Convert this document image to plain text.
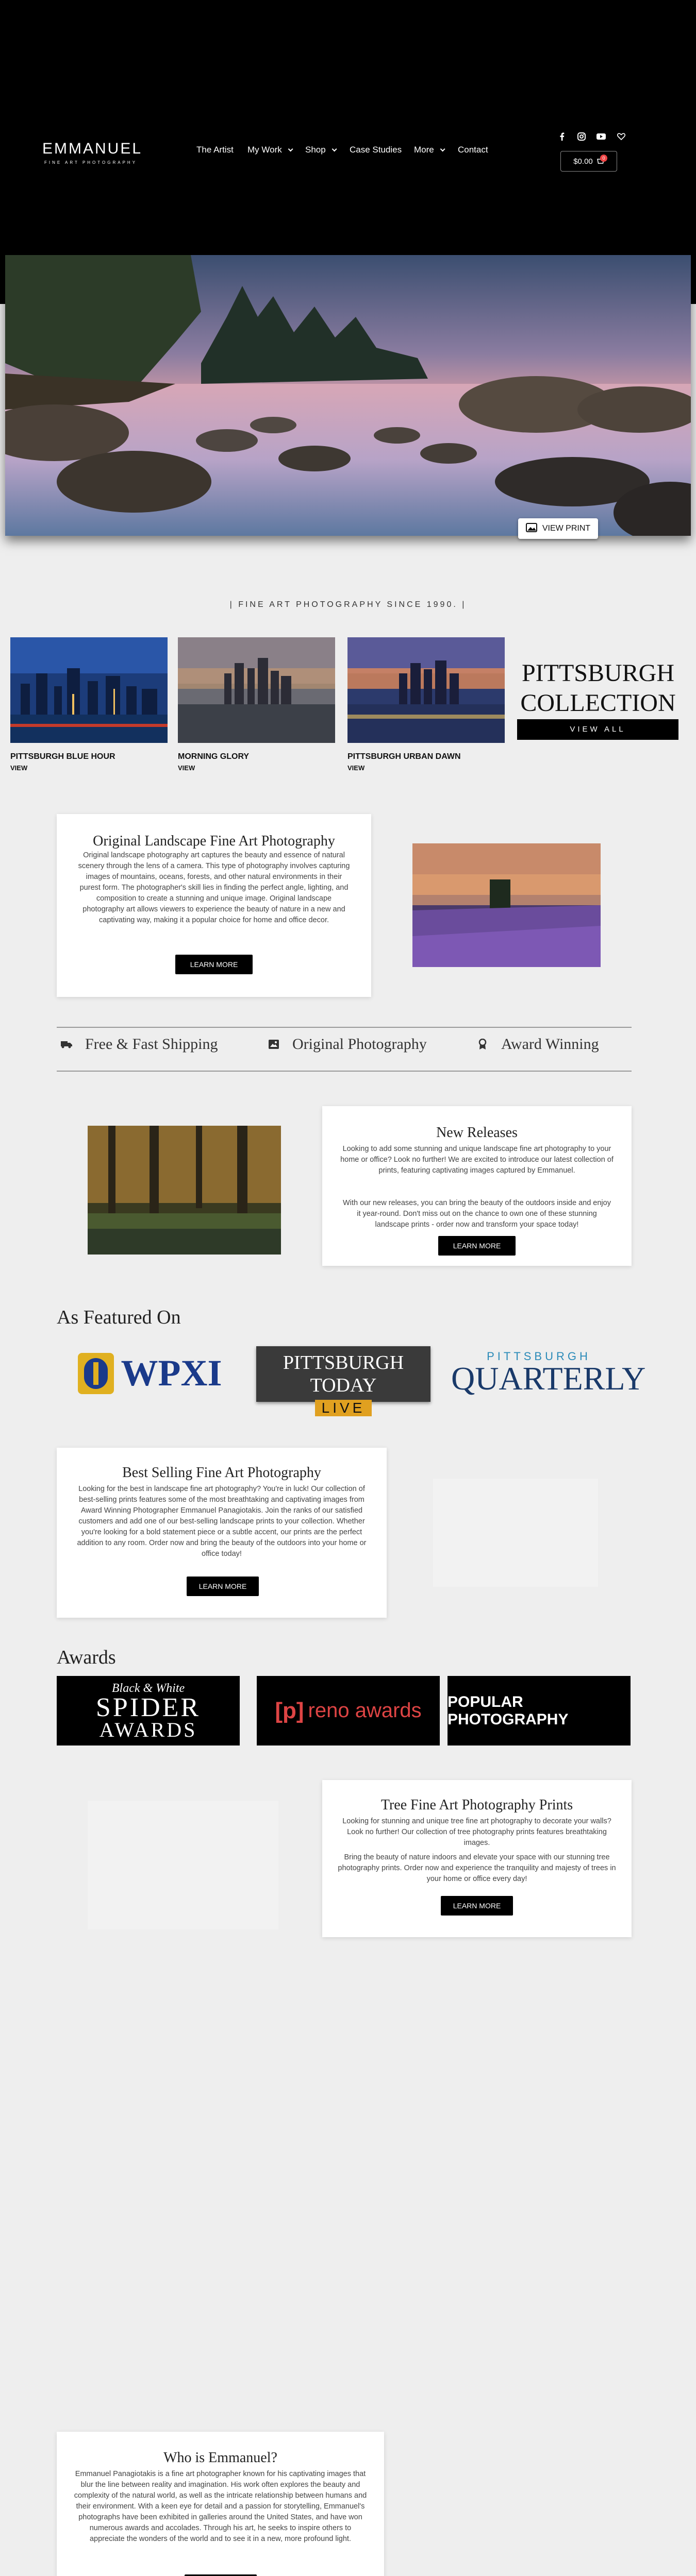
EMMANUEL
FINE ART PHOTOGRAPHY
The Artist My Work	Shop	Case Studies More	Contact
$0.00	0
VIEW PRINT
| FINE ART PHOTOGRAPHY SINCE 1990. |
PITTSBURGH BLUE HOUR
VIEW
MORNING GLORY
VIEW
PITTSBURGH URBAN DAWN
VIEW
PITTSBURGH COLLECTION
VIEW ALL
Original Landscape Fine Art Photography
Original landscape photography art captures the beauty and essence of natural scenery through the lens of a camera. This type of photography involves capturing images of mountains, oceans, forests, and other natural environments in their purest form. The photographer's skill lies in finding the perfect angle, lighting, and composition to create a stunning and unique image. Original landscape photography art allows viewers to experience the beauty of nature in a new and captivating way, making it a popular choice for home and office decor.
LEARN MORE
Free & Fast Shipping	Original Photography	Award Winning
New Releases
Looking to add some stunning and unique landscape fine art photography to your home or office? Look no further! We are excited to introduce our latest collection of prints, featuring captivating images captured by Emmanuel.
With our new releases, you can bring the beauty of the outdoors inside and enjoy it year-round. Don't miss out on the chance to own one of these stunning landscape prints - order now and transform your space today!
LEARN MORE
As Featured On
WPXI	PITTSBURGH TODAY
LIVE
PITTSBURGH
QUARTERLY
Best Selling Fine Art Photography
Looking for the best in landscape fine art photography? You're in luck! Our collection of best-selling prints features some of the most breathtaking and captivating images from Award Winning Photographer Emmanuel Panagiotakis. Join the ranks of our satisfied customers and add one of our best-selling landscape prints to your collection. Whether you're looking for a bold statement piece or a subtle accent, our prints are the perfect addition to any room. Order now and bring the beauty of the outdoors into your home or office today!
LEARN MORE
Awards
Black & White
SPIDER
AWARDS
[p] reno awards POPULAR PHOTOGRAPHY
Tree Fine Art Photography Prints
Looking for stunning and unique tree fine art photography to decorate your walls? Look no further! Our collection of tree photography prints features breathtaking images.
Bring the beauty of nature indoors and elevate your space with our stunning tree photography prints. Order now and experience the tranquility and majesty of trees in your home or office every day!
LEARN MORE
Who is Emmanuel?
Emmanuel Panagiotakis is a fine art photographer known for his captivating images that blur the line between reality and imagination. His work often explores the beauty and complexity of the natural world, as well as the intricate relationship between humans and their environment. With a keen eye for detail and a passion for storytelling, Emmanuel's photographs have been exhibited in galleries around the United States, and have won numerous awards and accolades. Through his art, he seeks to inspire others to appreciate the wonders of the world and to see it in a new, more profound light.
